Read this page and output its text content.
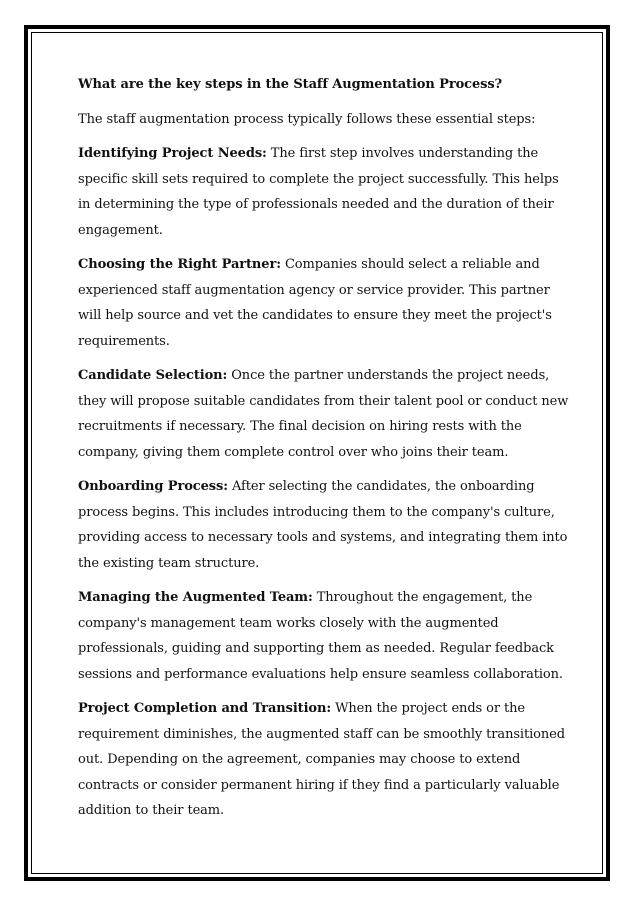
What are the key steps in the Staff Augmentation Process?

The staff augmentation process typically follows these essential steps:

Identifying Project Needs: The first step involves understanding the specific skill sets required to complete the project successfully. This helps in determining the type of professionals needed and the duration of their engagement.

Choosing the Right Partner: Companies should select a reliable and experienced staff augmentation agency or service provider. This partner will help source and vet the candidates to ensure they meet the project's requirements.

Candidate Selection: Once the partner understands the project needs, they will propose suitable candidates from their talent pool or conduct new recruitments if necessary. The final decision on hiring rests with the company, giving them complete control over who joins their team.

Onboarding Process: After selecting the candidates, the onboarding process begins. This includes introducing them to the company's culture, providing access to necessary tools and systems, and integrating them into the existing team structure.

Managing the Augmented Team: Throughout the engagement, the company's management team works closely with the augmented professionals, guiding and supporting them as needed. Regular feedback sessions and performance evaluations help ensure seamless collaboration.

Project Completion and Transition: When the project ends or the requirement diminishes, the augmented staff can be smoothly transitioned out. Depending on the agreement, companies may choose to extend contracts or consider permanent hiring if they find a particularly valuable addition to their team.
